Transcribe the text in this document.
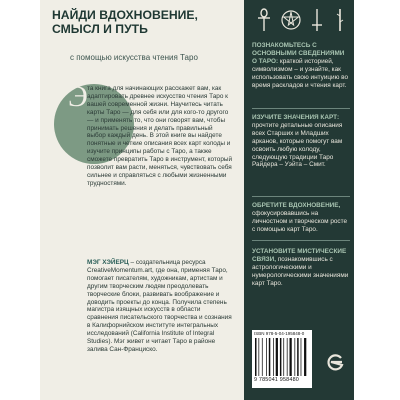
НАЙДИ ВДОХНОВЕНИЕ, СМЫСЛ И ПУТЬ

с помощью искусства чтения Таро

Э та книга для начинающих расскажет вам, как адаптировать древнее искусство чтения Таро к вашей современной жизни. Научитесь читать карты Таро — для себя или для кого-то другого — и применять то, что они говорят вам, чтобы принимать решения и делать правильный выбор каждый день. В этой книге вы найдете понятные и четкие описания всех карт колоды и изучите принципы работы с Таро, а также сможете превратить Таро в инструмент, который позволит вам расти, меняться, чувствовать себя сильнее и справляться с любыми жизненными трудностями.

МЭГ ХЭЙЕРЦ – создательница ресурса CreativeMomentum.art, где она, применяя Таро, помогает писателям, художникам, артистам и другим творческим людям преодолевать творческие блоки, развивать воображение и доводить проекты до конца. Получила степень магистра изящных искусств в области сравнения писательского творчества и сознания в Калифорнийском институте интегральных исследований (California Institute of Integral Studies). Мэг живет и читает Таро в районе залива Сан-Франциско.

ПОЗНАКОМЬТЕСЬ С ОСНОВНЫМИ СВЕДЕНИЯМИ О ТАРО: краткой историей, символизмом – и узнайте, как использовать свою интуицию во время раскладов и чтения карт.

ИЗУЧИТЕ ЗНАЧЕНИЯ КАРТ: прочтите детальные описания всех Старших и Младших арканов, которые помогут вам освоить любую колоду, следующую традиции Таро Райдера – Уэйта – Смит.

ОБРЕТИТЕ ВДОХНОВЕНИЕ, сфокусировавшись на личностном и творческом росте с помощью карт Таро.

УСТАНОВИТЕ МИСТИЧЕСКИЕ СВЯЗИ, познакомившись с астрологическими и нумерологическими значениями карт Таро.

ISBN 978-5-04-195848-0
9 785041 958480
